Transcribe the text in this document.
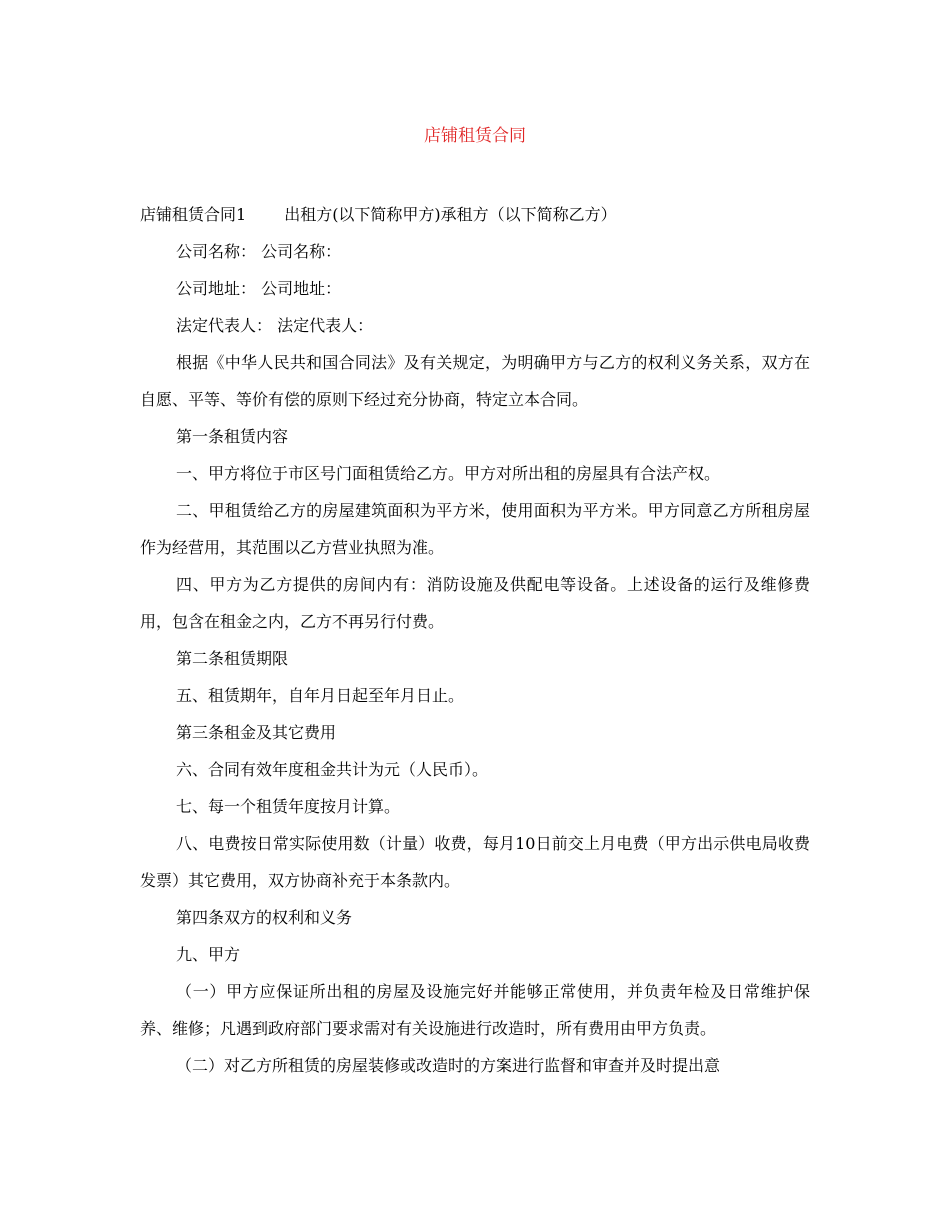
店铺租赁合同

店铺租赁合同1 出租方(以下简称甲方)承租方（以下简称乙方）

公司名称： 公司名称：

公司地址： 公司地址：

法定代表人： 法定代表人：

根据《中华人民共和国合同法》及有关规定，为明确甲方与乙方的权利义务关系，双方在自愿、平等、等价有偿的原则下经过充分协商，特定立本合同。

第一条租赁内容

一、甲方将位于市区号门面租赁给乙方。甲方对所出租的房屋具有合法产权。

二、甲租赁给乙方的房屋建筑面积为平方米，使用面积为平方米。甲方同意乙方所租房屋作为经营用，其范围以乙方营业执照为准。

四、甲方为乙方提供的房间内有：消防设施及供配电等设备。上述设备的运行及维修费用，包含在租金之内，乙方不再另行付费。

第二条租赁期限

五、租赁期年，自年月日起至年月日止。

第三条租金及其它费用

六、合同有效年度租金共计为元（人民币）。

七、每一个租赁年度按月计算。

八、电费按日常实际使用数（计量）收费，每月10日前交上月电费（甲方出示供电局收费发票）其它费用，双方协商补充于本条款内。

第四条双方的权利和义务

九、甲方

（一）甲方应保证所出租的房屋及设施完好并能够正常使用，并负责年检及日常维护保养、维修；凡遇到政府部门要求需对有关设施进行改造时，所有费用由甲方负责。

（二）对乙方所租赁的房屋装修或改造时的方案进行监督和审查并及时提出意
